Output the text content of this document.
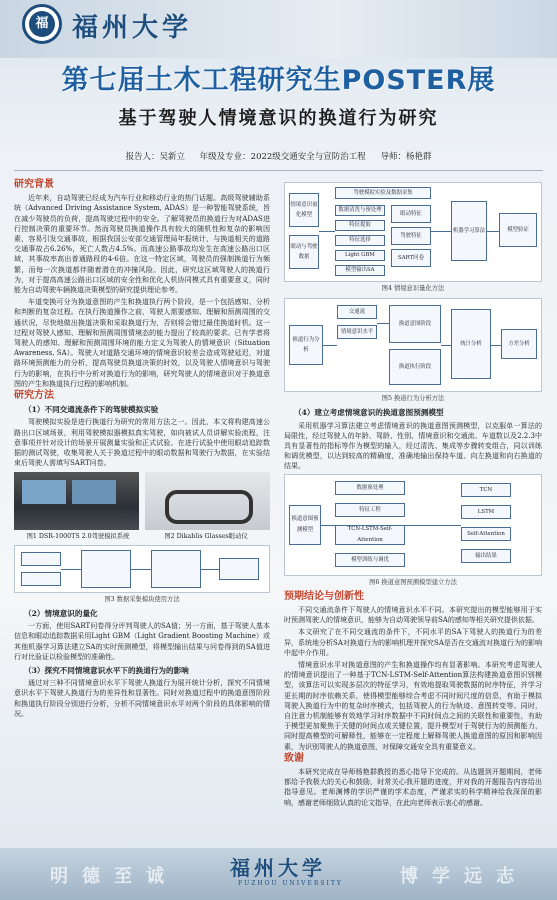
福 福州大学
第七届土木工程研究生POSTER展
基于驾驶人情境意识的换道行为研究
报告人：吴新立 年级及专业：2022级交通安全与宣防治工程 导师：杨艳群
研究背景

近年来，自动驾驶已经成为汽车行业和移动行业的热门话题。高级驾驶辅助系统（Advanced Driving Assistance System, ADAS）是一种智能驾驶系统，旨在减少驾驶员的负荷，提高驾驶过程中的安全。了解驾驶员的换道行为对ADAS进行控制决策的重要环节。然而驾驶员换道操作具有较大的随机性和复杂的影响因素，容易引发交通事故，根据我国公安部交通管理局年报统计，与换道相关的道路交通事故占6.26%，死亡人数占4.5%。而高速公路事故均发生在高速公路出口区域，其事故率高出普通路段的4-6倍。在这一特定区域，驾驶员的强制换道行为频繁，而每一次换道都伴随着潜在的冲撞风险。因此，研究这区域驾驶人的换道行为，对于提高高速公路出口区域的安全性和优化人机协同模式具有重要意义，同时能为自动驾驶车辆换道决策模型的研究提供理论参考。

车道变换可分为换道意图的产生和换道执行两个阶段，是一个包括感知、分析和判断的复杂过程。在执行换道操作之前，驾驶人需要感知、理解和预测周围的交通状况，尽快地做出换道决策和采取换道行为，否则将会错过最佳换道时机。这一过程对驾驶人感知、理解和预测周围情境态的能力提出了较高的要求。已有学者将驾驶人的感知、理解和预测周围环境的能力定义为驾驶人的情境意识（Situation Awareness, SA）。驾驶人对道路交通环境的情境意识较差会造成驾驶延迟，对道路环境预测能力的分析，提高驾驶员换道决策的时效，以及驾驶人情境意识与驾驶行为的影响，在执行中分析对换道行为的影响，研究驾驶人的情境意识对于换道意图的产生和换道执行过程的影响机制。

研究方法
（1）不同交通流条件下的驾驶模拟实验

驾驶模拟实验是进行换道行为研究的常用方法之一。因此，本文将构建高速公路出口区域场景，利用驾驶模拟器模拟真实驾驶，如向被试人员讲解实验流程，注意事项并针对设计的场景开展测量实验和正式试验。在进行试验中使用眼动追踪数据的测试驾驶，收集驾驶人关于换道过程中的眼动数据和驾驶行为数据，在实验结束后驾驶人需填写SART问卷。

图1 DSR-1000TS 2.0驾驶模拟系统	图2 Dikablis Glasses眼动仪
图3 数据采集模块使用方法
（2）情境意识的量化

一方面，使用SART问卷得分评判驾驶人的SA值；另一方面，基于驾驶人基本信息和眼动追踪数据采用Light GBM（Light Gradient Boosting Machine）或其他机器学习算法建立SA的实时预测模型，将模型输出结果与问卷得到的SA值进行对比验证以检验模型的准确性。

（3）探究不同情境意识水平下的换道行为的影响

通过对三种不同情境意识水平下驾驶人换道行为展开统计分析，探究不同情境意识水平下驾驶人换道行为的差异性和显著性。同时对换道过程中的换道意图阶段和换道执行阶段分别进行分析，分析不同情境意识水平对两个阶段的具体影响的情况。

情境意识量化模型
眼动与驾驶数据
驾驶模拟实验及数据采集
数据清洗与预处理
特征提取
特征选择
Light GBM
模型输出SA
眼动特征
驾驶特征
SART问卷
机器学习算法	模型验证
图4 情境意识量化方法
换道行为分析
交通流
情境意识水平
换道意图阶段
换道执行阶段
统计分析	方差分析
图5 换道行为分析方法
（4）建立考虑情境意识的换道意图预测模型

采用机器学习算法建立考虑情境意识的换道意图预测模型，以克服单一算法的局限性，经过驾驶人的年龄、驾龄、性别、情境意识和交通流、车道数以及2.2.3中具有显著性的指标等作为模型的输入，经过清洗、集成等步骤转变组合，同以训练和调优模型，以达到较高的精确度，准确地输出保持车道、向左换道和向右换道的结果。

换道意图预测模型
数据预处理
特征工程
TCN-LSTM-Self-Attention
模型训练与调优
TCN
LSTM
Self-Attention
输出结果
图6 换道意图预测模型建立方法
预期结论与创新性

不同交通流条件下驾驶人的情境意识水平不同。本研究提出的模型能够用于实时预测驾驶人的情境意识，能够为自动驾驶领导前SA的感知等相关研究提供依据。

本文研究了在不同交通流的条件下，不同水平的SA下驾驶人的换道行为的差异，系统地分析SA对换道行为的影响机理并探究SA是否在交通流对换道行为的影响中起中介作用。

情境意识水平对换道意图的产生和换道操作均有显著影响。本研究考虑驾驶人的情境意识提出了一种基于TCN-LSTM-Self-Attention算法构建换道意图识别模型，该算法可以实现多层次的特征学习，有效地提取驾驶数据的时序特征，并学习更长期的时序依赖关系，使得模型能够综合考虑不同时间尺度的信息，有助于模拟驾驶人换道行为中的复杂时序模式，包括驾驶人的行为轨迹、意图转变等。同时，自注意力机制能够有效地学习时序数据中不同时间点之间的关联性和重要性，有助于模型更加聚焦于关键的时间点或关键位置，提升模型对于驾驶行为的预测能力，同时提高模型的可解释性，能够在一定程度上解释驾驶人换道意图的原因和影响因素，为识别驾驶人的换道意图，对保障交通安全具有重要意义。

致谢

本研究完成在导师杨艳群教授的悉心指导下完成的。从选题到开题期间，老师都给予我极大的关心和鼓励，时常关心我开题的进度，并对我的开题报告内容给出指导意见。老师渊博的学识严谨的学术态度，严谨求实的科学精神给我深深的影响，感谢老师细致认真的论文指导，在此向老师表示衷心的感谢。

明德至诚	福州大学
FUZHOU UNIVERSITY	博学远志
